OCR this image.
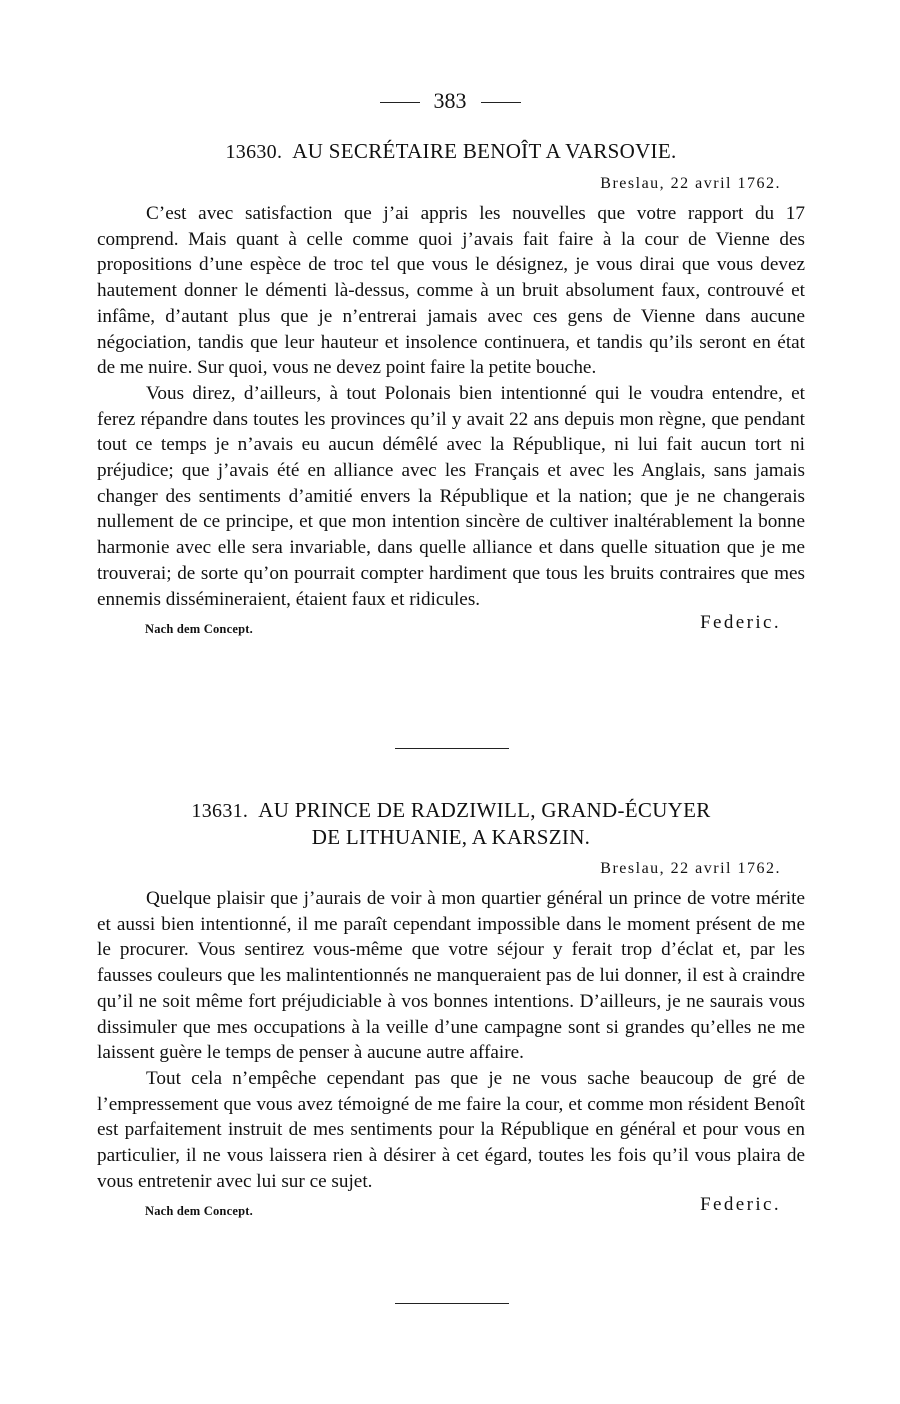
383
13630. AU SECRÉTAIRE BENOÎT A VARSOVIE.
Breslau, 22 avril 1762.

C’est avec satisfaction que j’ai appris les nouvelles que votre rapport du 17 comprend. Mais quant à celle comme quoi j’avais fait faire à la cour de Vienne des propositions d’une espèce de troc tel que vous le désignez, je vous dirai que vous devez hautement donner le démenti là-dessus, comme à un bruit absolument faux, controuvé et infâme, d’autant plus que je n’entrerai jamais avec ces gens de Vienne dans aucune négociation, tandis que leur hauteur et insolence continuera, et tandis qu’ils seront en état de me nuire. Sur quoi, vous ne devez point faire la petite bouche.

Vous direz, d’ailleurs, à tout Polonais bien intentionné qui le voudra entendre, et ferez répandre dans toutes les provinces qu’il y avait 22 ans depuis mon règne, que pendant tout ce temps je n’avais eu aucun démêlé avec la République, ni lui fait aucun tort ni préjudice; que j’avais été en alliance avec les Français et avec les Anglais, sans jamais changer des sentiments d’amitié envers la République et la nation; que je ne changerais nullement de ce principe, et que mon intention sincère de cultiver inaltérablement la bonne harmonie avec elle sera invariable, dans quelle alliance et dans quelle situation que je me trouverai; de sorte qu’on pourrait compter hardiment que tous les bruits contraires que mes ennemis dissémineraient, étaient faux et ridicules.

Nach dem Concept.	Federic.
13631. AU PRINCE DE RADZIWILL, GRAND-ÉCUYER
DE LITHUANIE, A KARSZIN.
Breslau, 22 avril 1762.

Quelque plaisir que j’aurais de voir à mon quartier général un prince de votre mérite et aussi bien intentionné, il me paraît cependant impossible dans le moment présent de me le procurer. Vous sentirez vous-même que votre séjour y ferait trop d’éclat et, par les fausses couleurs que les malintentionnés ne manqueraient pas de lui donner, il est à craindre qu’il ne soit même fort préjudiciable à vos bonnes intentions. D’ailleurs, je ne saurais vous dissimuler que mes occupations à la veille d’une campagne sont si grandes qu’elles ne me laissent guère le temps de penser à aucune autre affaire.

Tout cela n’empêche cependant pas que je ne vous sache beaucoup de gré de l’empressement que vous avez témoigné de me faire la cour, et comme mon résident Benoît est parfaitement instruit de mes sentiments pour la République en général et pour vous en particulier, il ne vous laissera rien à désirer à cet égard, toutes les fois qu’il vous plaira de vous entretenir avec lui sur ce sujet.

Nach dem Concept.	Federic.
